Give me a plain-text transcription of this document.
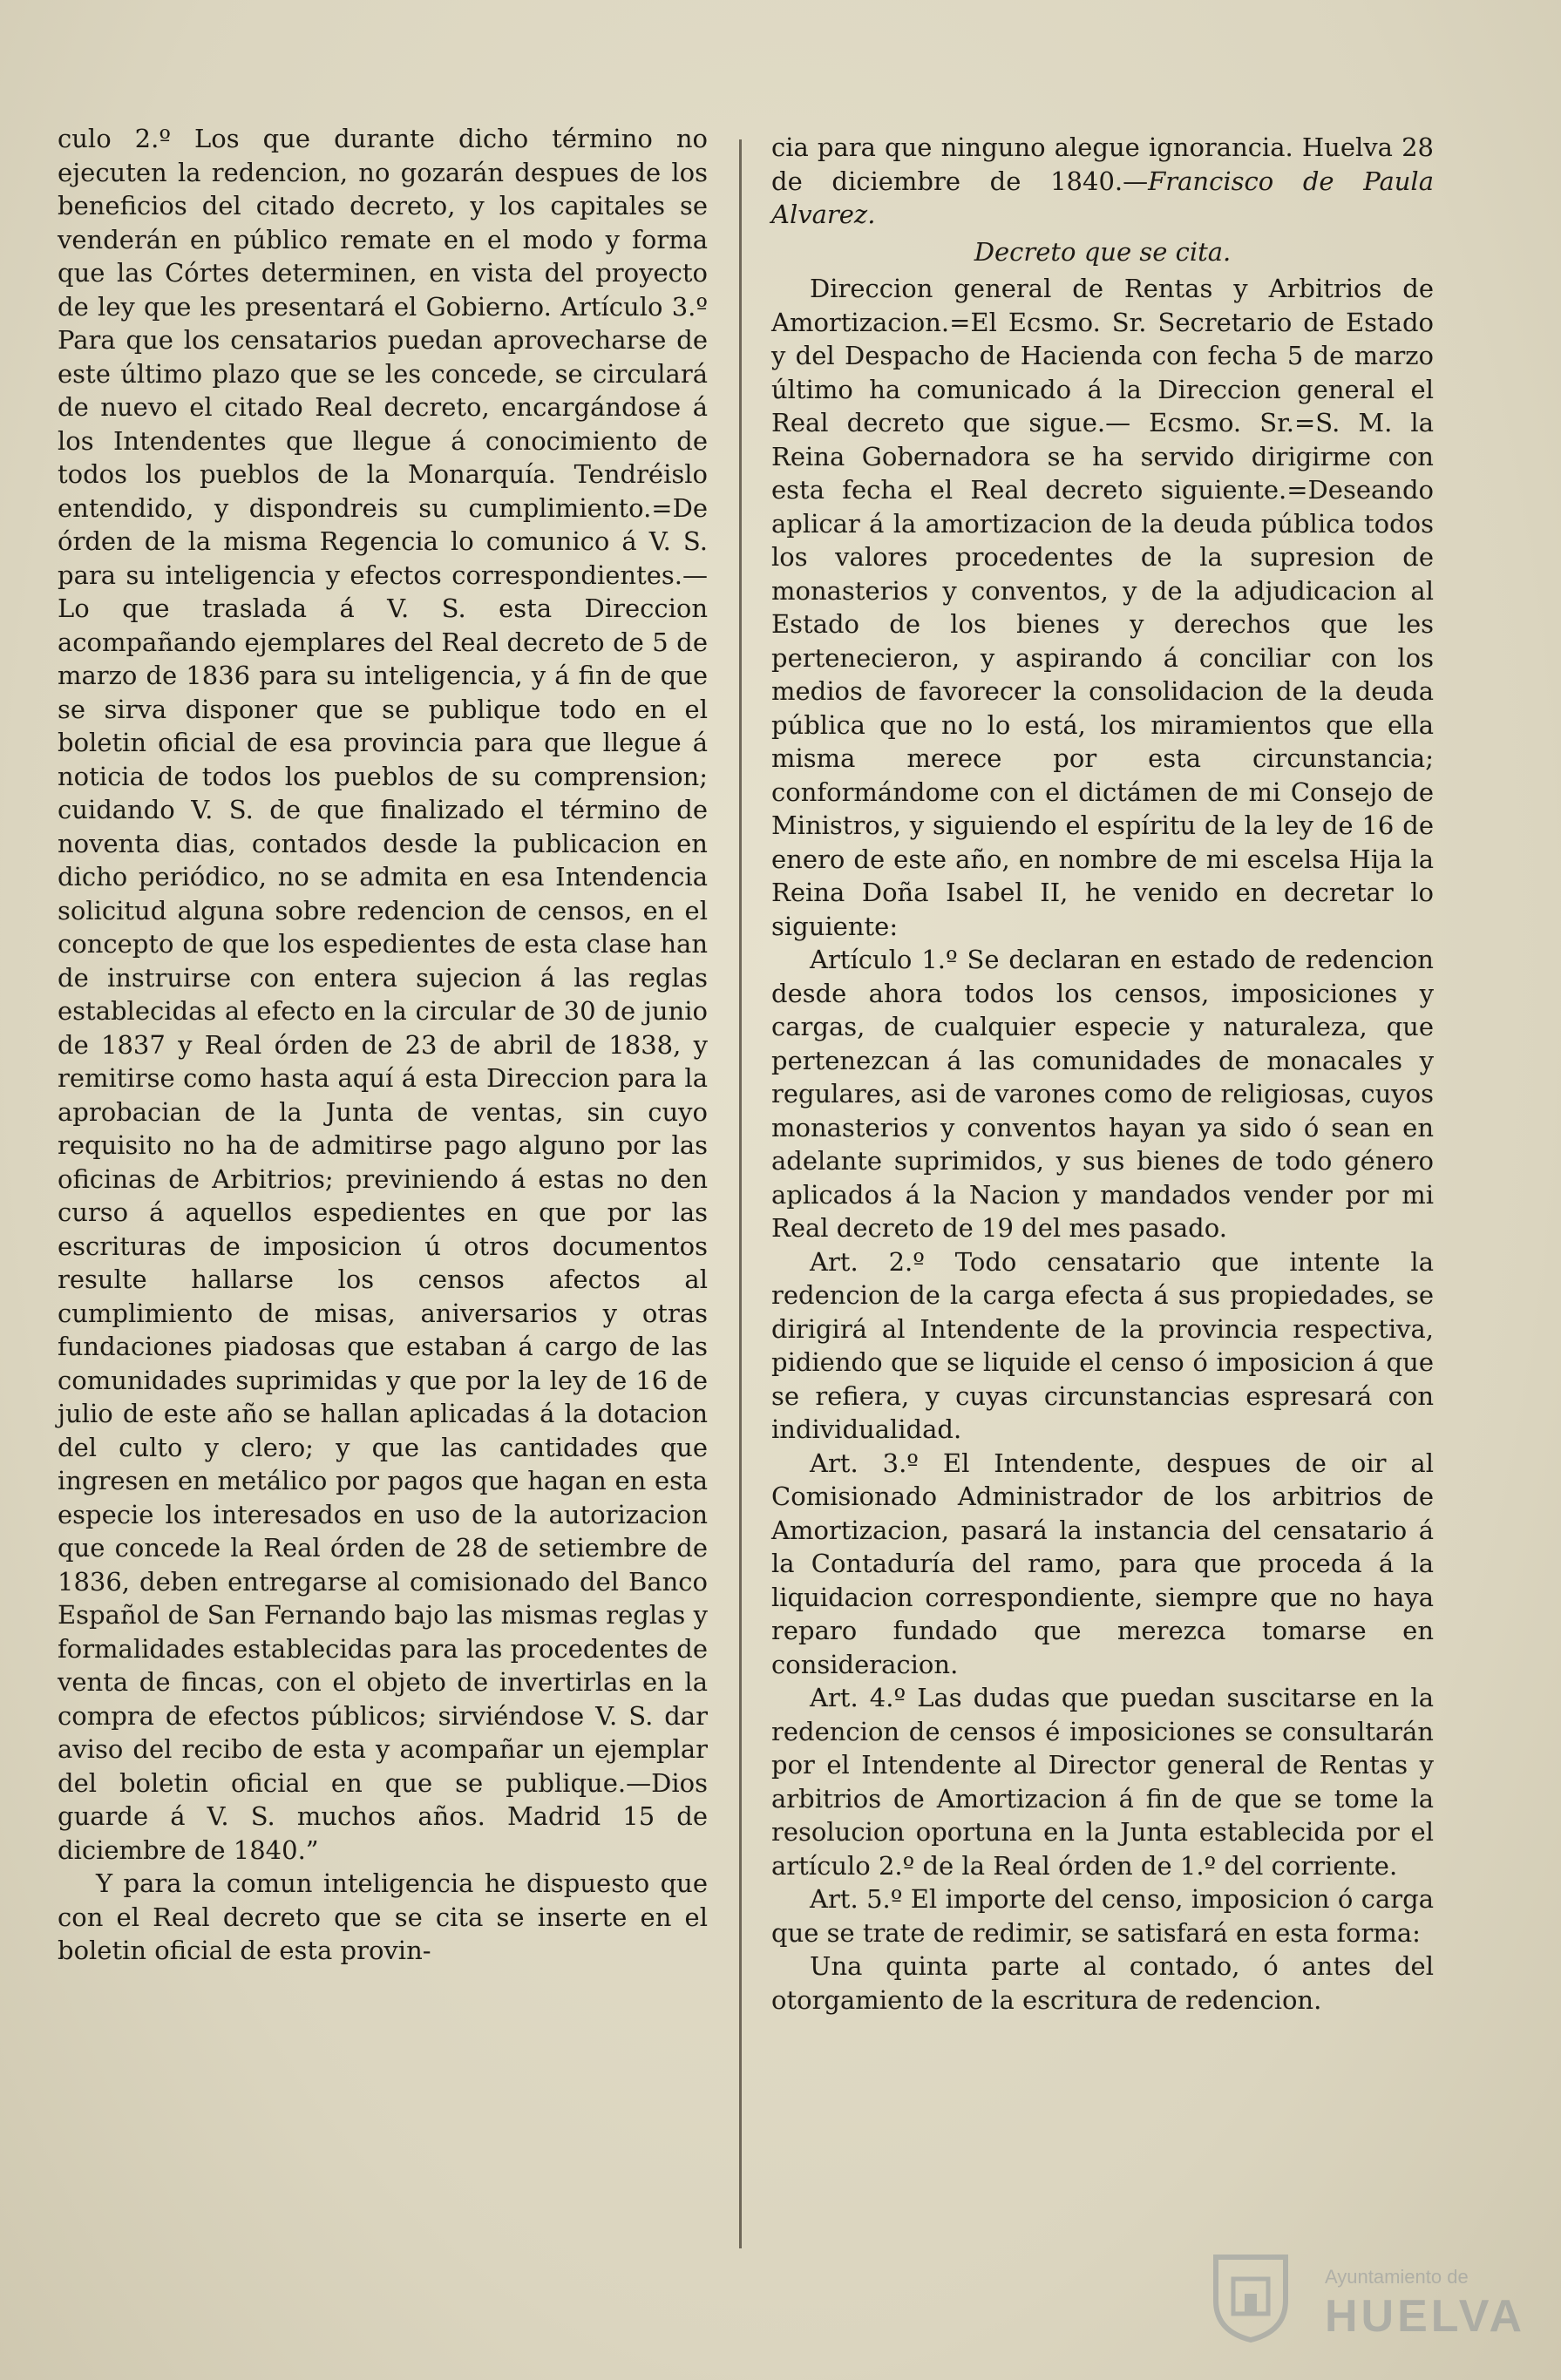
culo 2.º Los que durante dicho término no ejecuten la redencion, no gozarán despues de los beneficios del citado decreto, y los capitales se venderán en público remate en el modo y forma que las Córtes determinen, en vista del proyecto de ley que les presentará el Gobierno. Artículo 3.º Para que los censatarios puedan aprovecharse de este último plazo que se les concede, se circulará de nuevo el citado Real decreto, encargándose á los Intendentes que llegue á conocimiento de todos los pueblos de la Monarquía. Tendréislo entendido, y dispondreis su cumplimiento.=De órden de la misma Regencia lo comunico á V. S. para su inteligencia y efectos correspondientes.—Lo que traslada á V. S. esta Direccion acompañando ejemplares del Real decreto de 5 de marzo de 1836 para su inteligencia, y á fin de que se sirva disponer que se publique todo en el boletin oficial de esa provincia para que llegue á noticia de todos los pueblos de su comprension; cuidando V. S. de que finalizado el término de noventa dias, contados desde la publicacion en dicho periódico, no se admita en esa Intendencia solicitud alguna sobre redencion de censos, en el concepto de que los espedientes de esta clase han de instruirse con entera sujecion á las reglas establecidas al efecto en la circular de 30 de junio de 1837 y Real órden de 23 de abril de 1838, y remitirse como hasta aquí á esta Direccion para la aprobacian de la Junta de ventas, sin cuyo requisito no ha de admitirse pago alguno por las oficinas de Arbitrios; previniendo á estas no den curso á aquellos espedientes en que por las escrituras de imposicion ú otros documentos resulte hallarse los censos afectos al cumplimiento de misas, aniversarios y otras fundaciones piadosas que estaban á cargo de las comunidades suprimidas y que por la ley de 16 de julio de este año se hallan aplicadas á la dotacion del culto y clero; y que las cantidades que ingresen en metálico por pagos que hagan en esta especie los interesados en uso de la autorizacion que concede la Real órden de 28 de setiembre de 1836, deben entregarse al comisionado del Banco Español de San Fernando bajo las mismas reglas y formalidades establecidas para las procedentes de venta de fincas, con el objeto de invertirlas en la compra de efectos públicos; sirviéndose V. S. dar aviso del recibo de esta y acompañar un ejemplar del boletin oficial en que se publique.—Dios guarde á V. S. muchos años. Madrid 15 de diciembre de 1840.”

Y para la comun inteligencia he dispuesto que con el Real decreto que se cita se inserte en el boletin oficial de esta provin-

cia para que ninguno alegue ignorancia. Huelva 28 de diciembre de 1840.—Francisco de Paula Alvarez.

Decreto que se cita.

Direccion general de Rentas y Arbitrios de Amortizacion.=El Ecsmo. Sr. Secretario de Estado y del Despacho de Hacienda con fecha 5 de marzo último ha comunicado á la Direccion general el Real decreto que sigue.— Ecsmo. Sr.=S. M. la Reina Gobernadora se ha servido dirigirme con esta fecha el Real decreto siguiente.=Deseando aplicar á la amortizacion de la deuda pública todos los valores procedentes de la supresion de monasterios y conventos, y de la adjudicacion al Estado de los bienes y derechos que les pertenecieron, y aspirando á conciliar con los medios de favorecer la consolidacion de la deuda pública que no lo está, los miramientos que ella misma merece por esta circunstancia; conformándome con el dictámen de mi Consejo de Ministros, y siguiendo el espíritu de la ley de 16 de enero de este año, en nombre de mi escelsa Hija la Reina Doña Isabel II, he venido en decretar lo siguiente:

Artículo 1.º Se declaran en estado de redencion desde ahora todos los censos, imposiciones y cargas, de cualquier especie y naturaleza, que pertenezcan á las comunidades de monacales y regulares, asi de varones como de religiosas, cuyos monasterios y conventos hayan ya sido ó sean en adelante suprimidos, y sus bienes de todo género aplicados á la Nacion y mandados vender por mi Real decreto de 19 del mes pasado.

Art. 2.º Todo censatario que intente la redencion de la carga efecta á sus propiedades, se dirigirá al Intendente de la provincia respectiva, pidiendo que se liquide el censo ó imposicion á que se refiera, y cuyas circunstancias espresará con individualidad.

Art. 3.º El Intendente, despues de oir al Comisionado Administrador de los arbitrios de Amortizacion, pasará la instancia del censatario á la Contaduría del ramo, para que proceda á la liquidacion correspondiente, siempre que no haya reparo fundado que merezca tomarse en consideracion.

Art. 4.º Las dudas que puedan suscitarse en la redencion de censos é imposiciones se consultarán por el Intendente al Director general de Rentas y arbitrios de Amortizacion á fin de que se tome la resolucion oportuna en la Junta establecida por el artículo 2.º de la Real órden de 1.º del corriente.

Art. 5.º El importe del censo, imposicion ó carga que se trate de redimir, se satisfará en esta forma:

Una quinta parte al contado, ó antes del otorgamiento de la escritura de redencion.

Ayuntamiento de
HUELVA
